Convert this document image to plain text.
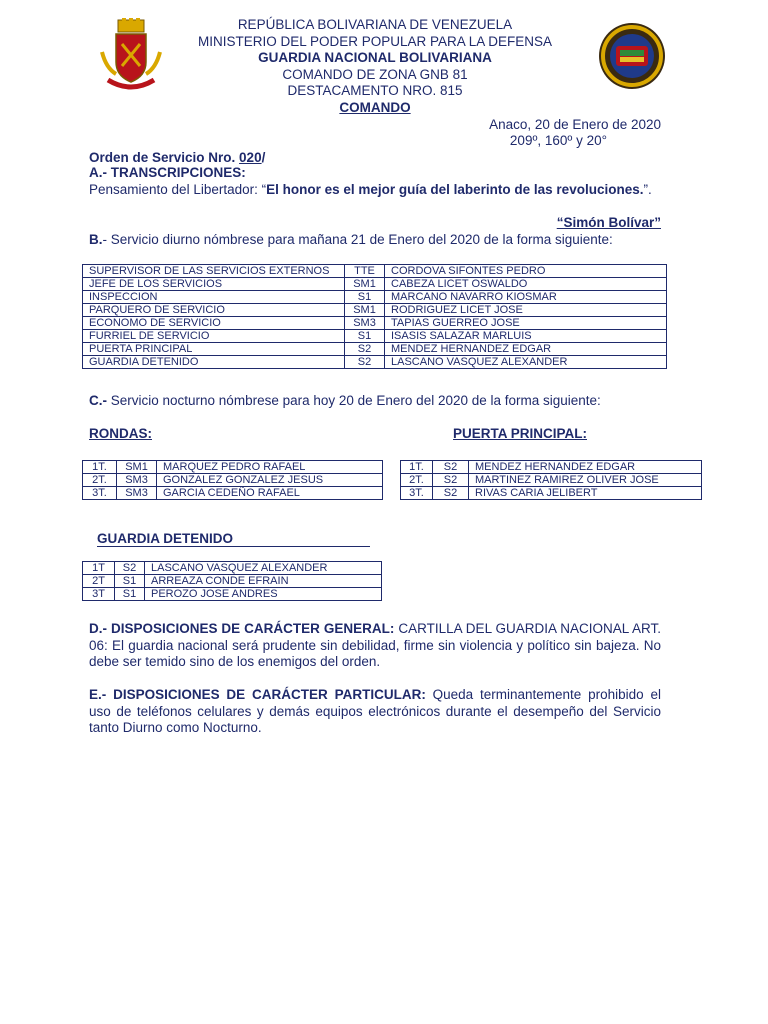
REPÚBLICA BOLIVARIANA DE VENEZUELA
MINISTERIO DEL PODER POPULAR PARA LA DEFENSA
GUARDIA NACIONAL BOLIVARIANA
COMANDO DE ZONA GNB 81
DESTACAMENTO NRO. 815
COMANDO
Anaco, 20 de Enero de 2020
209º, 160º y 20°
Orden de Servicio Nro. 020/
A.- TRANSCRIPCIONES:
Pensamiento del Libertador: “El honor es el mejor guía del laberinto de las revoluciones.”.
“Simón Bolívar”
B.- Servicio diurno nómbrese para mañana 21 de Enero del 2020 de la forma siguiente:
SUPERVISOR DE LAS SERVICIOS EXTERNOS	TTE	CORDOVA SIFONTES PEDRO
JEFE DE LOS SERVICIOS	SM1	CABEZA LICET OSWALDO
INSPECCION	S1	MARCANO NAVARRO KIOSMAR
PARQUERO DE SERVICIO	SM1	RODRIGUEZ LICET JOSE
ECONOMO DE SERVICIO	SM3	TAPIAS GUERREO JOSE
FURRIEL DE SERVICIO	S1	ISASIS SALAZAR MARLUIS
PUERTA PRINCIPAL	S2	MENDEZ HERNANDEZ EDGAR
GUARDIA DETENIDO	S2	LASCANO VASQUEZ ALEXANDER
C.- Servicio nocturno nómbrese para hoy 20 de Enero del 2020 de la forma siguiente:
RONDAS:	PUERTA PRINCIPAL:
1T.	SM1	MARQUEZ PEDRO RAFAEL
2T.	SM3	GONZALEZ GONZALEZ JESUS
3T.	SM3	GARCIA CEDEÑO RAFAEL
1T.	S2	MENDEZ HERNANDEZ EDGAR
2T.	S2	MARTINEZ RAMIREZ OLIVER JOSE
3T.	S2	RIVAS CARIA JELIBERT
GUARDIA DETENIDO
1T	S2	LASCANO VASQUEZ ALEXANDER
2T	S1	ARREAZA CONDE EFRAIN
3T	S1	PEROZO JOSE ANDRES
D.- DISPOSICIONES DE CARÁCTER GENERAL: CARTILLA DEL GUARDIA NACIONAL ART. 06: El guardia nacional será prudente sin debilidad, firme sin violencia y político sin bajeza. No debe ser temido sino de los enemigos del orden.
E.- DISPOSICIONES DE CARÁCTER PARTICULAR: Queda terminantemente prohibido el uso de teléfonos celulares y demás equipos electrónicos durante el desempeño del Servicio tanto Diurno como Nocturno.
